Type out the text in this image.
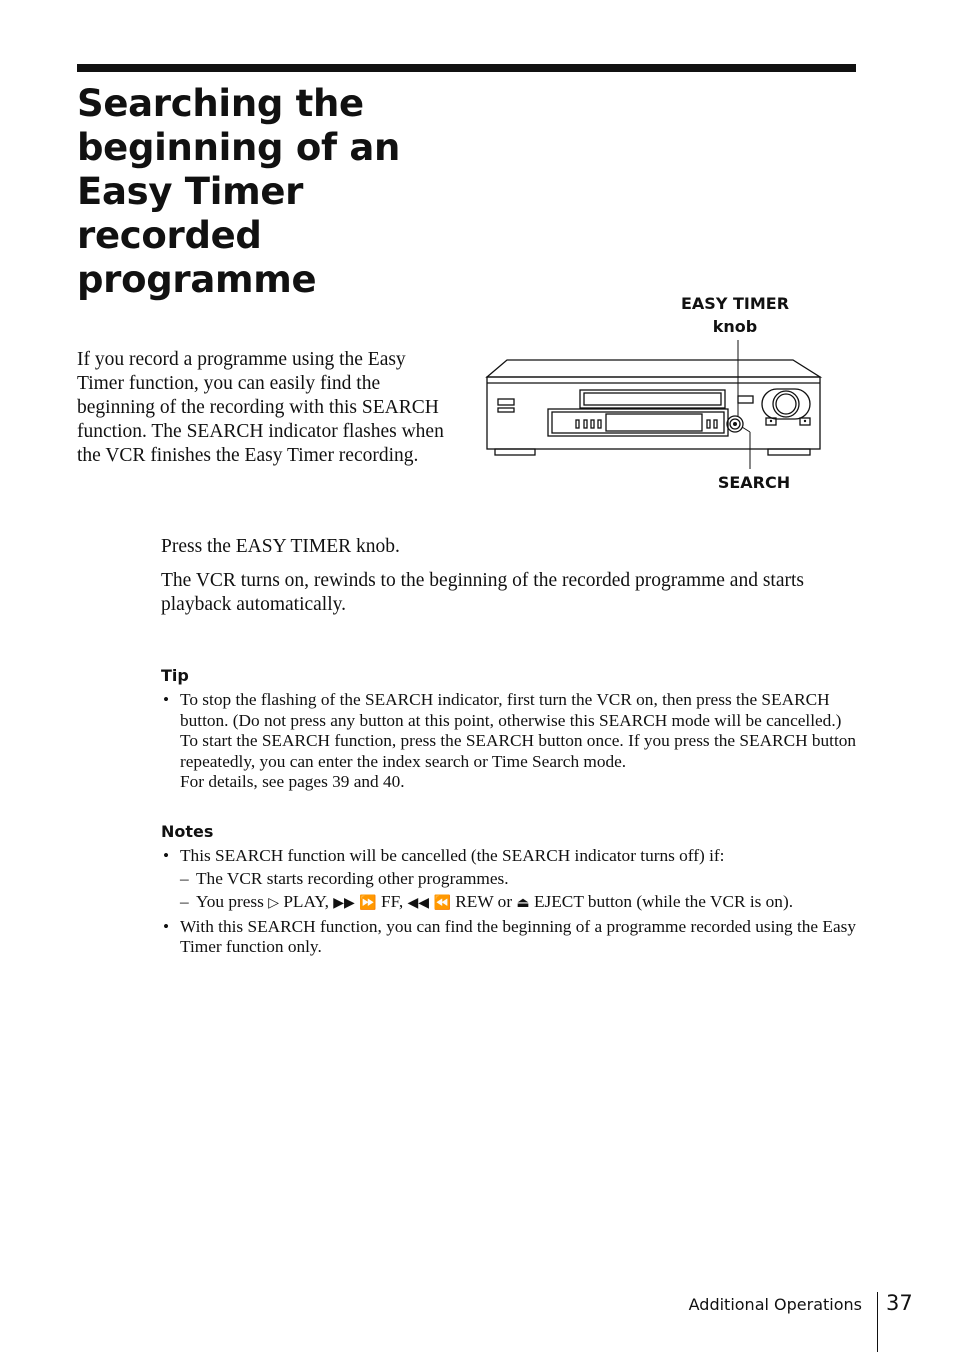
Searching the beginning of an Easy Timer recorded programme

If you record a programme using the Easy Timer function, you can easily find the beginning of the recording with this SEARCH function. The SEARCH indicator flashes when the VCR finishes the Easy Timer recording.

EASY TIMER
knob
SEARCH

Press the EASY TIMER knob.

The VCR turns on, rewinds to the beginning of the recorded programme and starts playback automatically.

Tip
• To stop the flashing of the SEARCH indicator, first turn the VCR on, then press the SEARCH button. (Do not press any button at this point, otherwise this SEARCH mode will be cancelled.) To start the SEARCH function, press the SEARCH button once. If you press the SEARCH button repeatedly, you can enter the index search or Time Search mode.
For details, see pages 39 and 40.
Notes
• This SEARCH function will be cancelled (the SEARCH indicator turns off) if:
– The VCR starts recording other programmes.
– You press ▷ PLAY, ▶▶ ⏩ FF, ◀◀ ⏪ REW or ⏏ EJECT button (while the VCR is on).
• With this SEARCH function, you can find the beginning of a programme recorded using the Easy Timer function only.
Additional Operations 37
